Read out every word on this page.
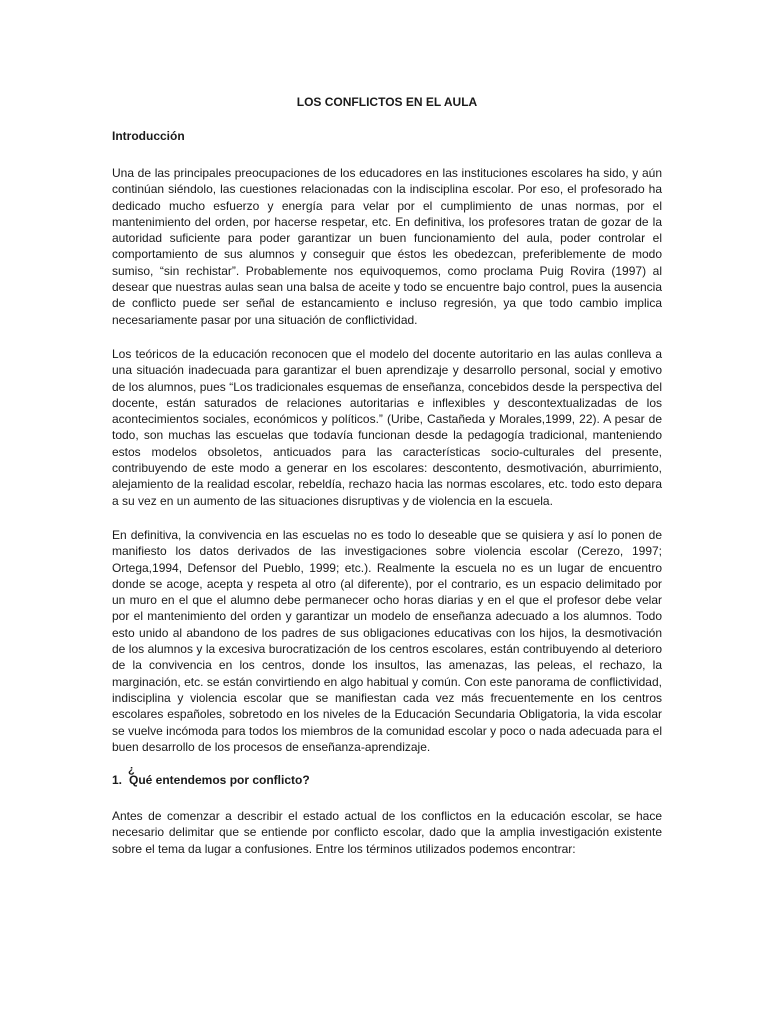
LOS CONFLICTOS EN EL AULA
Introducción

Una de las principales preocupaciones de los educadores en las instituciones escolares ha sido, y aún continúan siéndolo, las cuestiones relacionadas con la indisciplina escolar. Por eso, el profesorado ha dedicado mucho esfuerzo y energía para velar por el cumplimiento de unas normas, por el mantenimiento del orden, por hacerse respetar, etc. En definitiva, los profesores tratan de gozar de la autoridad suficiente para poder garantizar un buen funcionamiento del aula, poder controlar el comportamiento de sus alumnos y conseguir que éstos les obedezcan, preferiblemente de modo sumiso, “sin rechistar”. Probablemente nos equivoquemos, como proclama Puig Rovira (1997) al desear que nuestras aulas sean una balsa de aceite y todo se encuentre bajo control, pues la ausencia de conflicto puede ser señal de estancamiento e incluso regresión, ya que todo cambio implica necesariamente pasar por una situación de conflictividad.

Los teóricos de la educación reconocen que el modelo del docente autoritario en las aulas conlleva a una situación inadecuada para garantizar el buen aprendizaje y desarrollo personal, social y emotivo de los alumnos, pues “Los tradicionales esquemas de enseñanza, concebidos desde la perspectiva del docente, están saturados de relaciones autoritarias e inflexibles y descontextualizadas de los acontecimientos sociales, económicos y políticos.” (Uribe, Castañeda y Morales,1999, 22). A pesar de todo, son muchas las escuelas que todavía funcionan desde la pedagogía tradicional, manteniendo estos modelos obsoletos, anticuados para las características socio-culturales del presente, contribuyendo de este modo a generar en los escolares: descontento, desmotivación, aburrimiento, alejamiento de la realidad escolar, rebeldía, rechazo hacia las normas escolares, etc. todo esto depara a su vez en un aumento de las situaciones disruptivas y de violencia en la escuela.

En definitiva, la convivencia en las escuelas no es todo lo deseable que se quisiera y así lo ponen de manifiesto los datos derivados de las investigaciones sobre violencia escolar (Cerezo, 1997; Ortega,1994, Defensor del Pueblo, 1999; etc.). Realmente la escuela no es un lugar de encuentro donde se acoge, acepta y respeta al otro (al diferente), por el contrario, es un espacio delimitado por un muro en el que el alumno debe permanecer ocho horas diarias y en el que el profesor debe velar por el mantenimiento del orden y garantizar un modelo de enseñanza adecuado a los alumnos. Todo esto unido al abandono de los padres de sus obligaciones educativas con los hijos, la desmotivación de los alumnos y la excesiva burocratización de los centros escolares, están contribuyendo al deterioro de la convivencia en los centros, donde los insultos, las amenazas, las peleas, el rechazo, la marginación, etc. se están convirtiendo en algo habitual y común. Con este panorama de conflictividad, indisciplina y violencia escolar que se manifiestan cada vez más frecuentemente en los centros escolares españoles, sobretodo en los niveles de la Educación Secundaria Obligatoria, la vida escolar se vuelve incómoda para todos los miembros de la comunidad escolar y poco o nada adecuada para el buen desarrollo de los procesos de enseñanza-aprendizaje.

¿
1. Qué entendemos por conflicto?

Antes de comenzar a describir el estado actual de los conflictos en la educación escolar, se hace necesario delimitar que se entiende por conflicto escolar, dado que la amplia investigación existente sobre el tema da lugar a confusiones. Entre los términos utilizados podemos encontrar:
